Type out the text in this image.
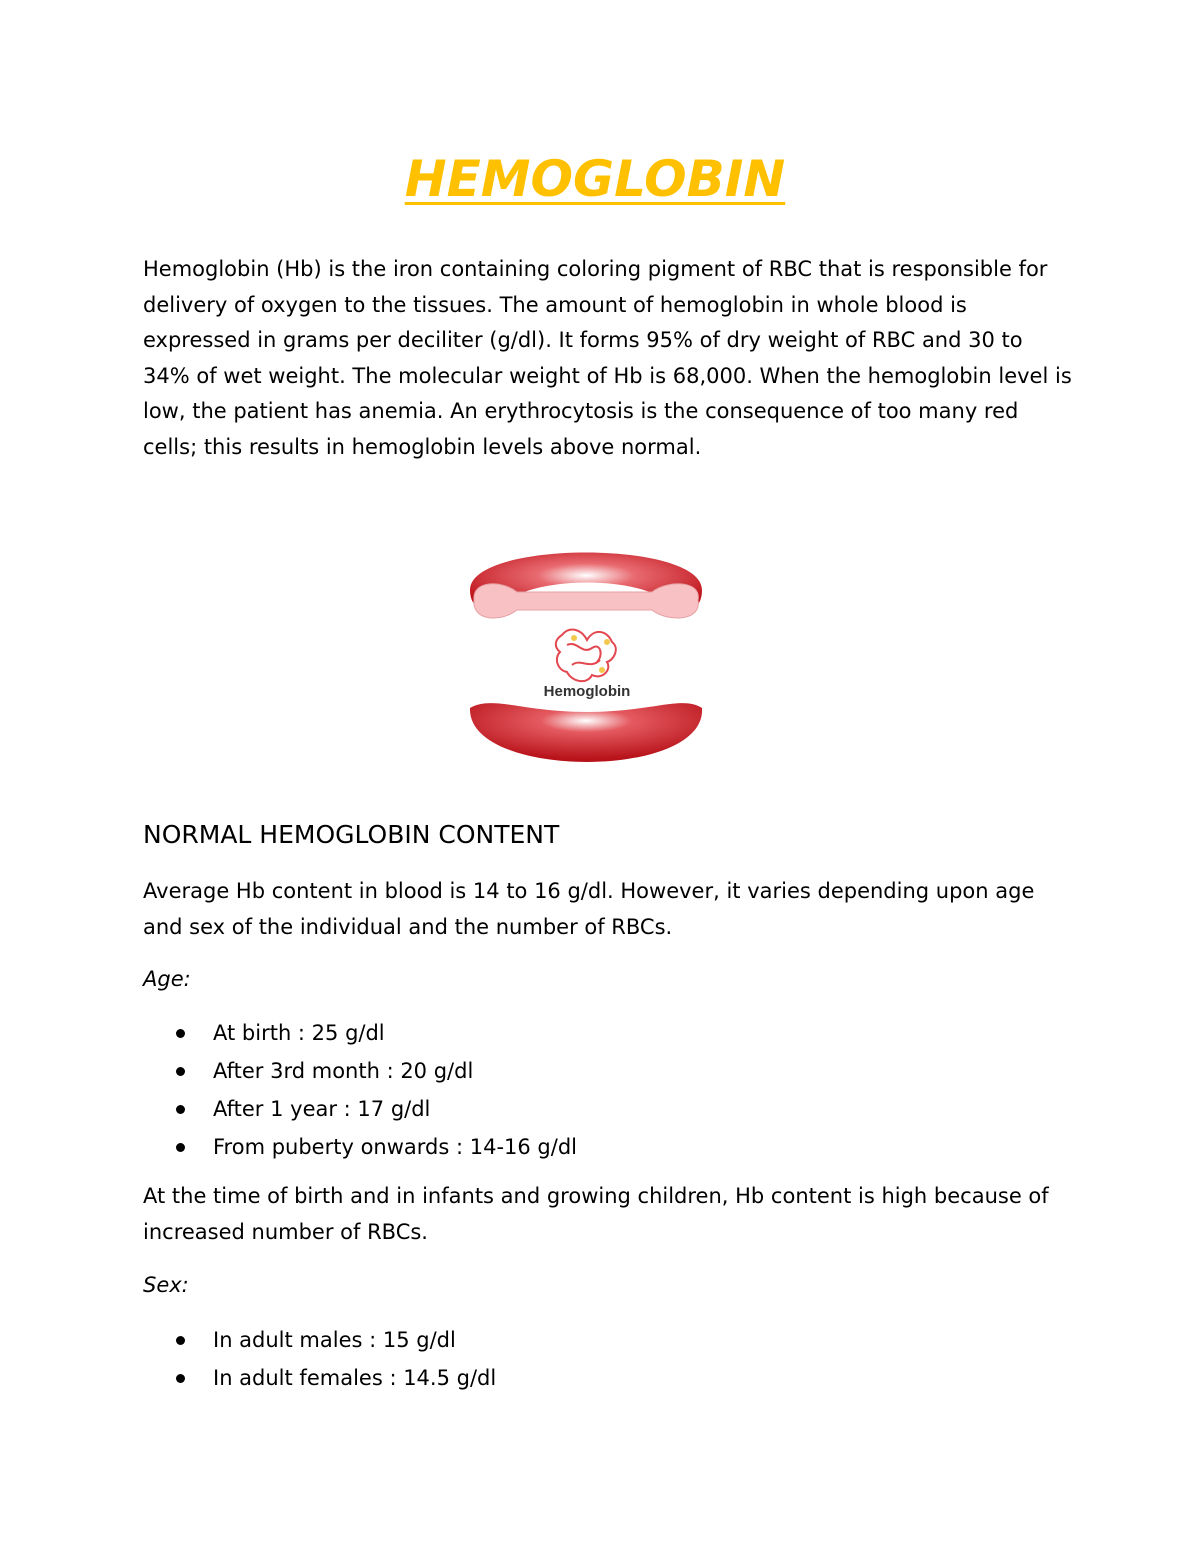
HEMOGLOBIN

Hemoglobin (Hb) is the iron containing coloring pigment of RBC that is responsible for delivery of oxygen to the tissues. The amount of hemoglobin in whole blood is expressed in grams per deciliter (g/dl). It forms 95% of dry weight of RBC and 30 to 34% of wet weight. The molecular weight of Hb is 68,000. When the hemoglobin level is low, the patient has anemia. An erythrocytosis is the consequence of too many red cells; this results in hemoglobin levels above normal.

Hemoglobin
NORMAL HEMOGLOBIN CONTENT

Average Hb content in blood is 14 to 16 g/dl. However, it varies depending upon age and sex of the individual and the number of RBCs.

Age:

At birth : 25 g/dl
After 3rd month : 20 g/dl
After 1 year : 17 g/dl
From puberty onwards : 14-16 g/dl

At the time of birth and in infants and growing children, Hb content is high because of increased number of RBCs.

Sex:

In adult males : 15 g/dl
In adult females : 14.5 g/dl
